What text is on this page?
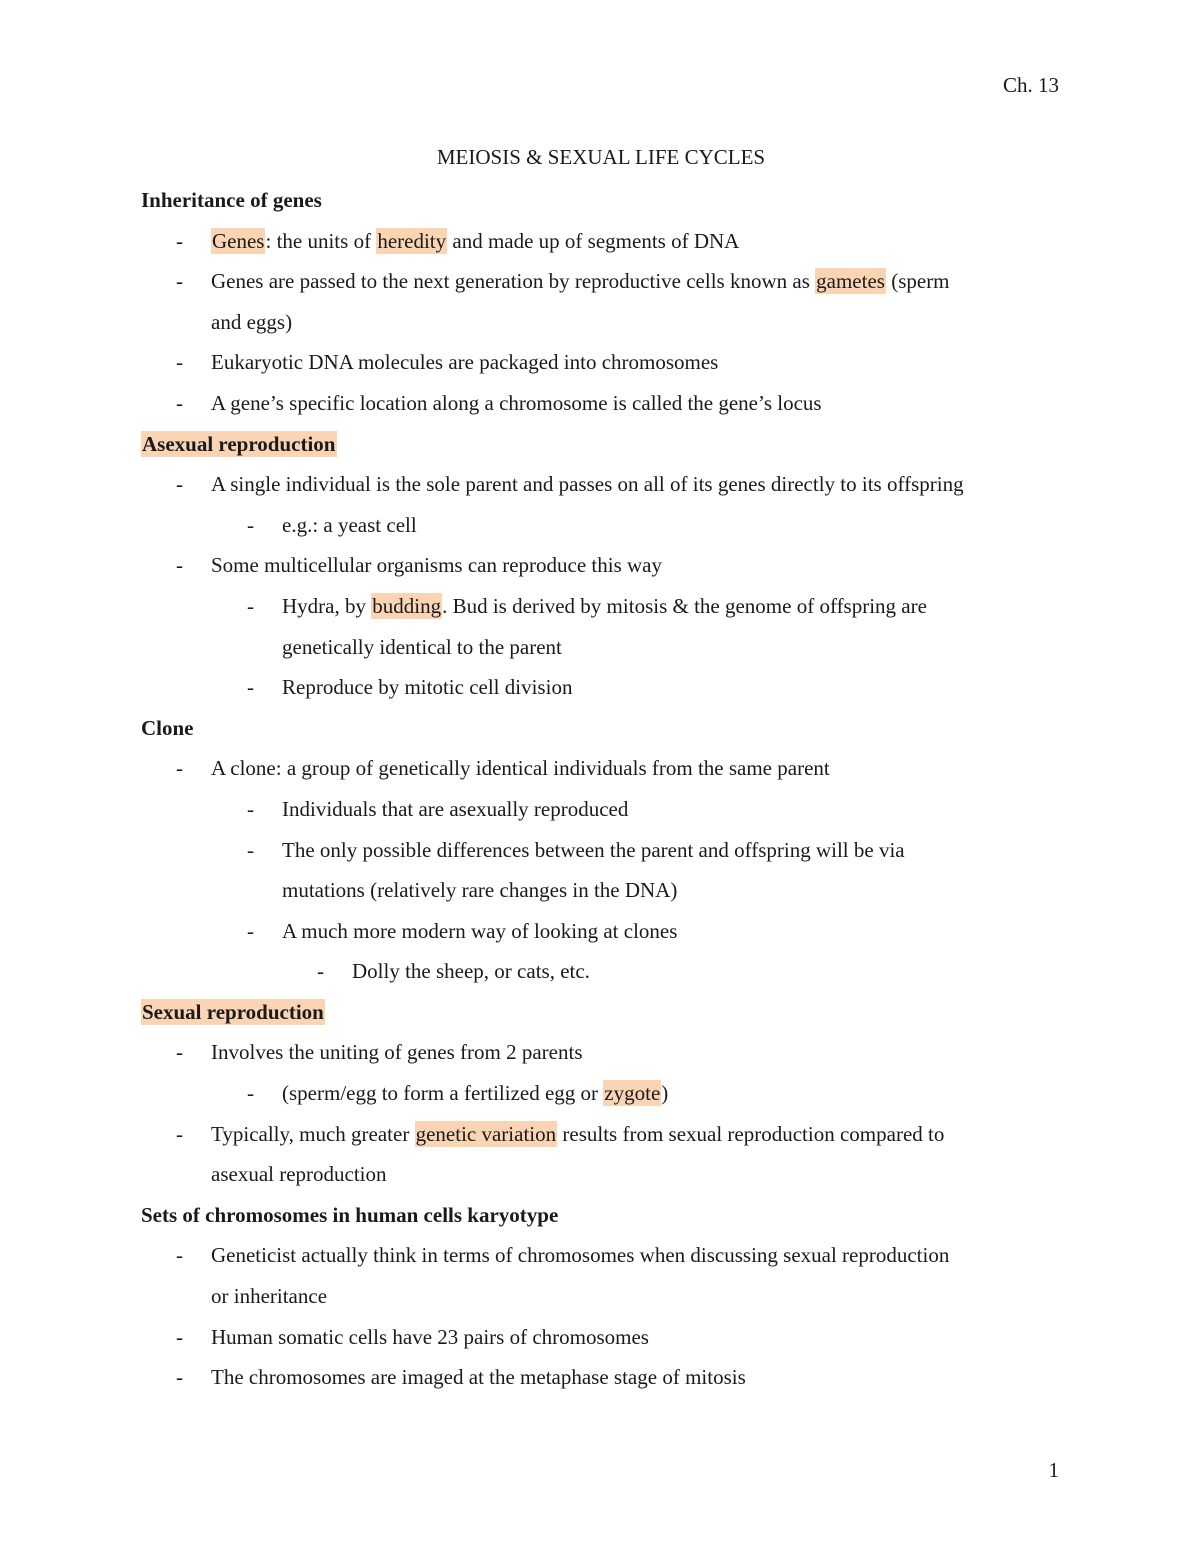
Ch. 13
MEIOSIS & SEXUAL LIFE CYCLES
Inheritance of genes
- Genes: the units of heredity and made up of segments of DNA
- Genes are passed to the next generation by reproductive cells known as gametes (sperm
and eggs)
- Eukaryotic DNA molecules are packaged into chromosomes
- A gene’s specific location along a chromosome is called the gene’s locus
Asexual reproduction
- A single individual is the sole parent and passes on all of its genes directly to its offspring
- e.g.: a yeast cell
- Some multicellular organisms can reproduce this way
- Hydra, by budding. Bud is derived by mitosis & the genome of offspring are
genetically identical to the parent
- Reproduce by mitotic cell division
Clone
- A clone: a group of genetically identical individuals from the same parent
- Individuals that are asexually reproduced
- The only possible differences between the parent and offspring will be via
mutations (relatively rare changes in the DNA)
- A much more modern way of looking at clones
- Dolly the sheep, or cats, etc.
Sexual reproduction
- Involves the uniting of genes from 2 parents
- (sperm/egg to form a fertilized egg or zygote)
- Typically, much greater genetic variation results from sexual reproduction compared to
asexual reproduction
Sets of chromosomes in human cells karyotype
- Geneticist actually think in terms of chromosomes when discussing sexual reproduction
or inheritance
- Human somatic cells have 23 pairs of chromosomes
- The chromosomes are imaged at the metaphase stage of mitosis
1
